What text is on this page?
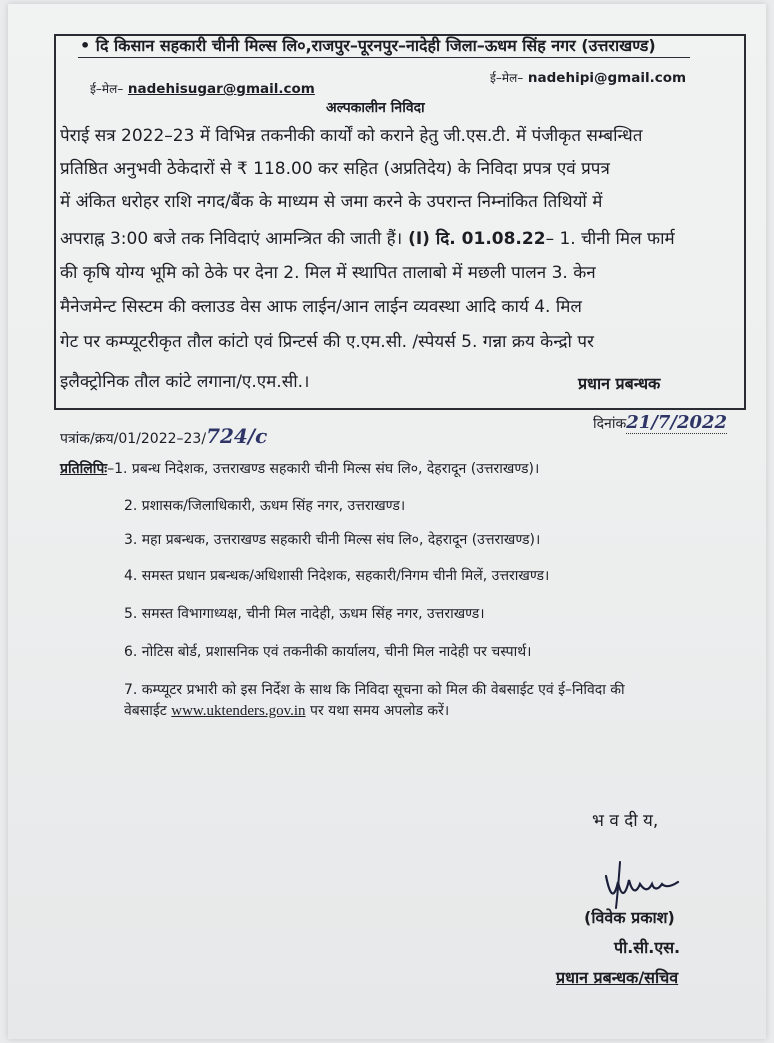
• दि किसान सहकारी चीनी मिल्स लि०,राजपुर–पूरनपुर–नादेही जिला–ऊधम सिंह नगर (उत्तराखण्ड)
ई–मेल– nadehisugar@gmail.com
ई–मेल– nadehipi@gmail.com
अल्पकालीन निविदा
पेराई सत्र 2022–23 में विभिन्न तकनीकी कार्यों को कराने हेतु जी.एस.टी. में पंजीकृत सम्बन्धित
प्रतिष्ठित अनुभवी ठेकेदारों से ₹ 118.00 कर सहित (अप्रतिदेय) के निविदा प्रपत्र एवं प्रपत्र
में अंकित धरोहर राशि नगद/बैंक के माध्यम से जमा करने के उपरान्त निम्नांकित तिथियों में
अपराह्न 3:00 बजे तक निविदाएं आमन्त्रित की जाती हैं। (I) दि. 01.08.22– 1. चीनी मिल फार्म
की कृषि योग्य भूमि को ठेके पर देना 2. मिल में स्थापित तालाबो में मछली पालन 3. केन
मैनेजमेन्ट सिस्टम की क्लाउड वेस आफ लाईन/आन लाईन व्यवस्था आदि कार्य 4. मिल
गेट पर कम्प्यूटरीकृत तौल कांटो एवं प्रिन्टर्स की ए.एम.सी. /स्पेयर्स 5. गन्ना क्रय केन्द्रो पर
इलैक्ट्रोनिक तौल कांटे लगाना/ए.एम.सी.।	प्रधान प्रबन्धक
दिनांक21/7/2022
पत्रांक/क्रय/01/2022–23/724/c
प्रतिलिपिः–1. प्रबन्ध निदेशक, उत्तराखण्ड सहकारी चीनी मिल्स संघ लि०, देहरादून (उत्तराखण्ड)।
2. प्रशासक/जिलाधिकारी, ऊधम सिंह नगर, उत्तराखण्ड।
3. महा प्रबन्धक, उत्तराखण्ड सहकारी चीनी मिल्स संघ लि०, देहरादून (उत्तराखण्ड)।
4. समस्त प्रधान प्रबन्धक/अधिशासी निदेशक, सहकारी/निगम चीनी मिलें, उत्तराखण्ड।
5. समस्त विभागाध्यक्ष, चीनी मिल नादेही, ऊधम सिंह नगर, उत्तराखण्ड।
6. नोटिस बोर्ड, प्रशासनिक एवं तकनीकी कार्यालय, चीनी मिल नादेही पर चस्पार्थ।
7. कम्प्यूटर प्रभारी को इस निर्देश के साथ कि निविदा सूचना को मिल की वेबसाईट एवं ई–निविदा की
वेबसाईट www.uktenders.gov.in पर यथा समय अपलोड करें।
भ व दी य,
(विवेक प्रकाश)
पी.सी.एस.
प्रधान प्रबन्धक/सचिव
